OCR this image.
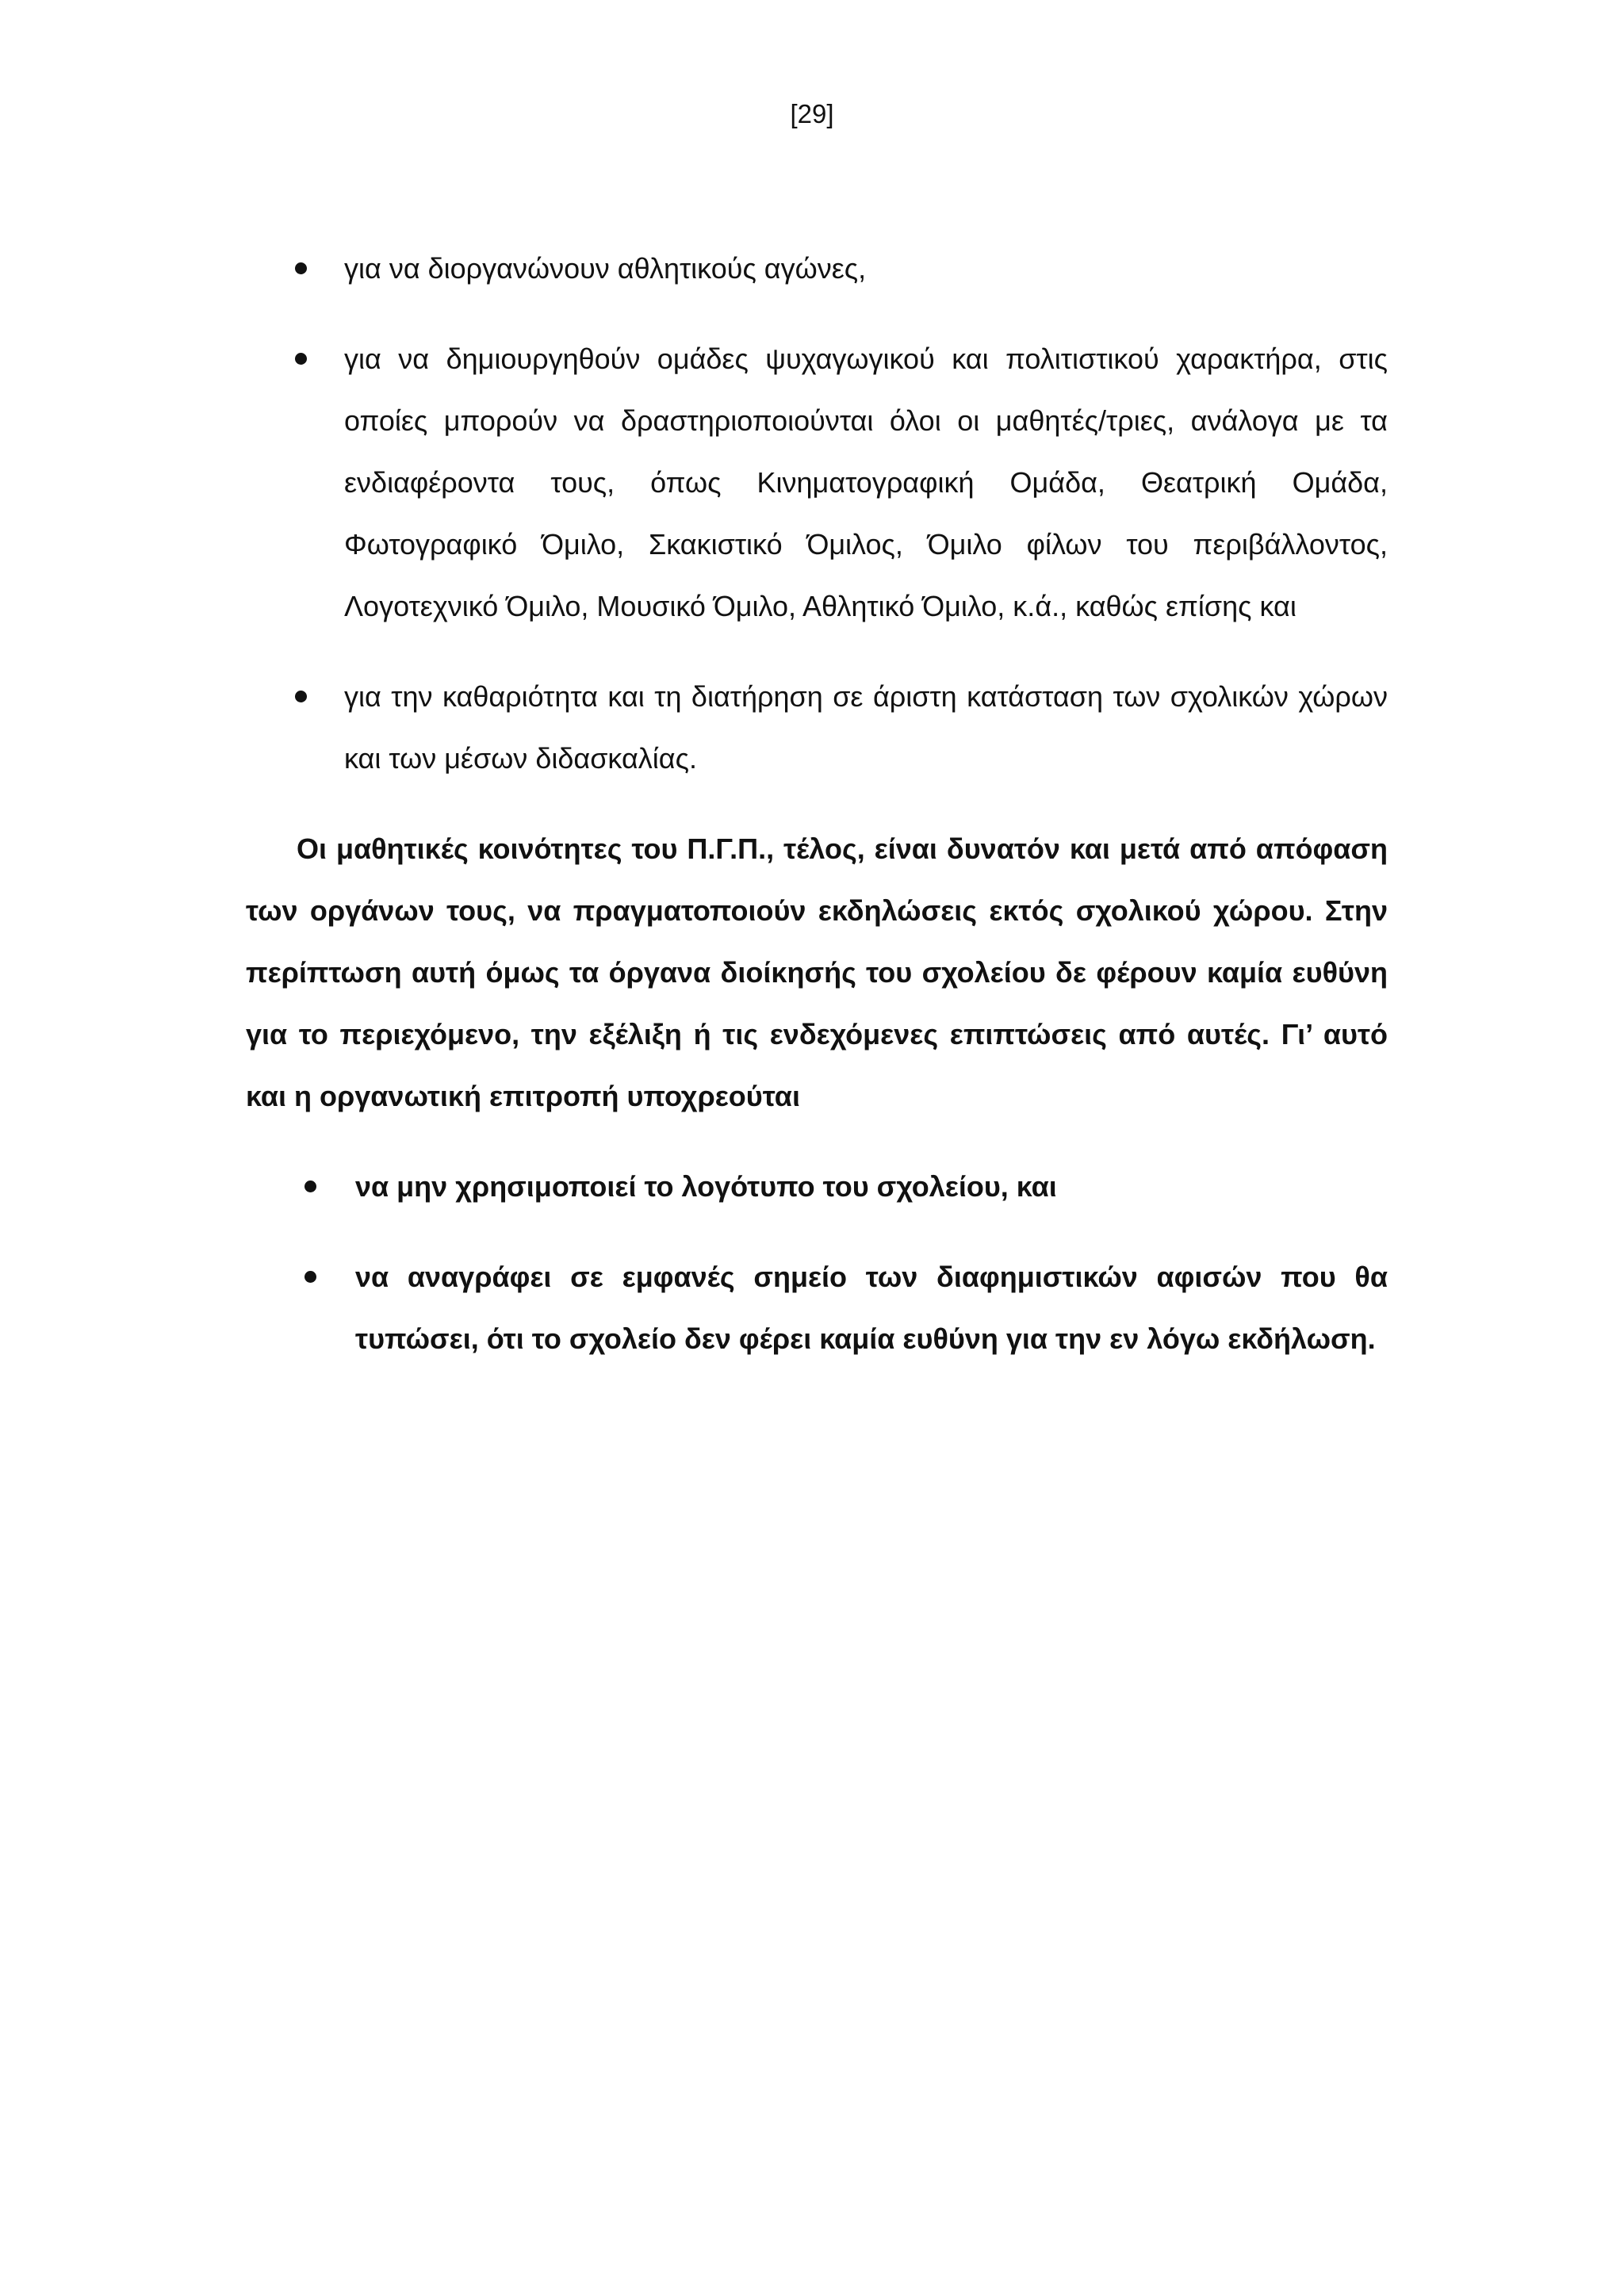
[29]
για να διοργανώνουν αθλητικούς αγώνες,
για να δημιουργηθούν ομάδες ψυχαγωγικού και πολιτιστικού χαρακτήρα, στις οποίες μπορούν να δραστηριοποιούνται όλοι οι μαθητές/τριες, ανάλογα με τα ενδιαφέροντα τους, όπως Κινηματογραφική Ομάδα, Θεατρική Ομάδα, Φωτογραφικό Όμιλο, Σκακιστικό Όμιλος, Όμιλο φίλων του περιβάλλοντος, Λογοτεχνικό Όμιλο, Μουσικό Όμιλο, Αθλητικό Όμιλο, κ.ά., καθώς επίσης και
για την καθαριότητα και τη διατήρηση σε άριστη κατάσταση των σχολικών χώρων και των μέσων διδασκαλίας.

Οι μαθητικές κοινότητες του Π.Γ.Π., τέλος, είναι δυνατόν και μετά από απόφαση των οργάνων τους, να πραγματοποιούν εκδηλώσεις εκτός σχολικού χώρου. Στην περίπτωση αυτή όμως τα όργανα διοίκησής του σχολείου δε φέρουν καμία ευθύνη για το περιεχόμενο, την εξέλιξη ή τις ενδεχόμενες επιπτώσεις από αυτές. Γι’ αυτό και η οργανωτική επιτροπή υποχρεούται

να μην χρησιμοποιεί το λογότυπο του σχολείου, και
να αναγράφει σε εμφανές σημείο των διαφημιστικών αφισών που θα τυπώσει, ότι το σχολείο δεν φέρει καμία ευθύνη για την εν λόγω εκδήλωση.
